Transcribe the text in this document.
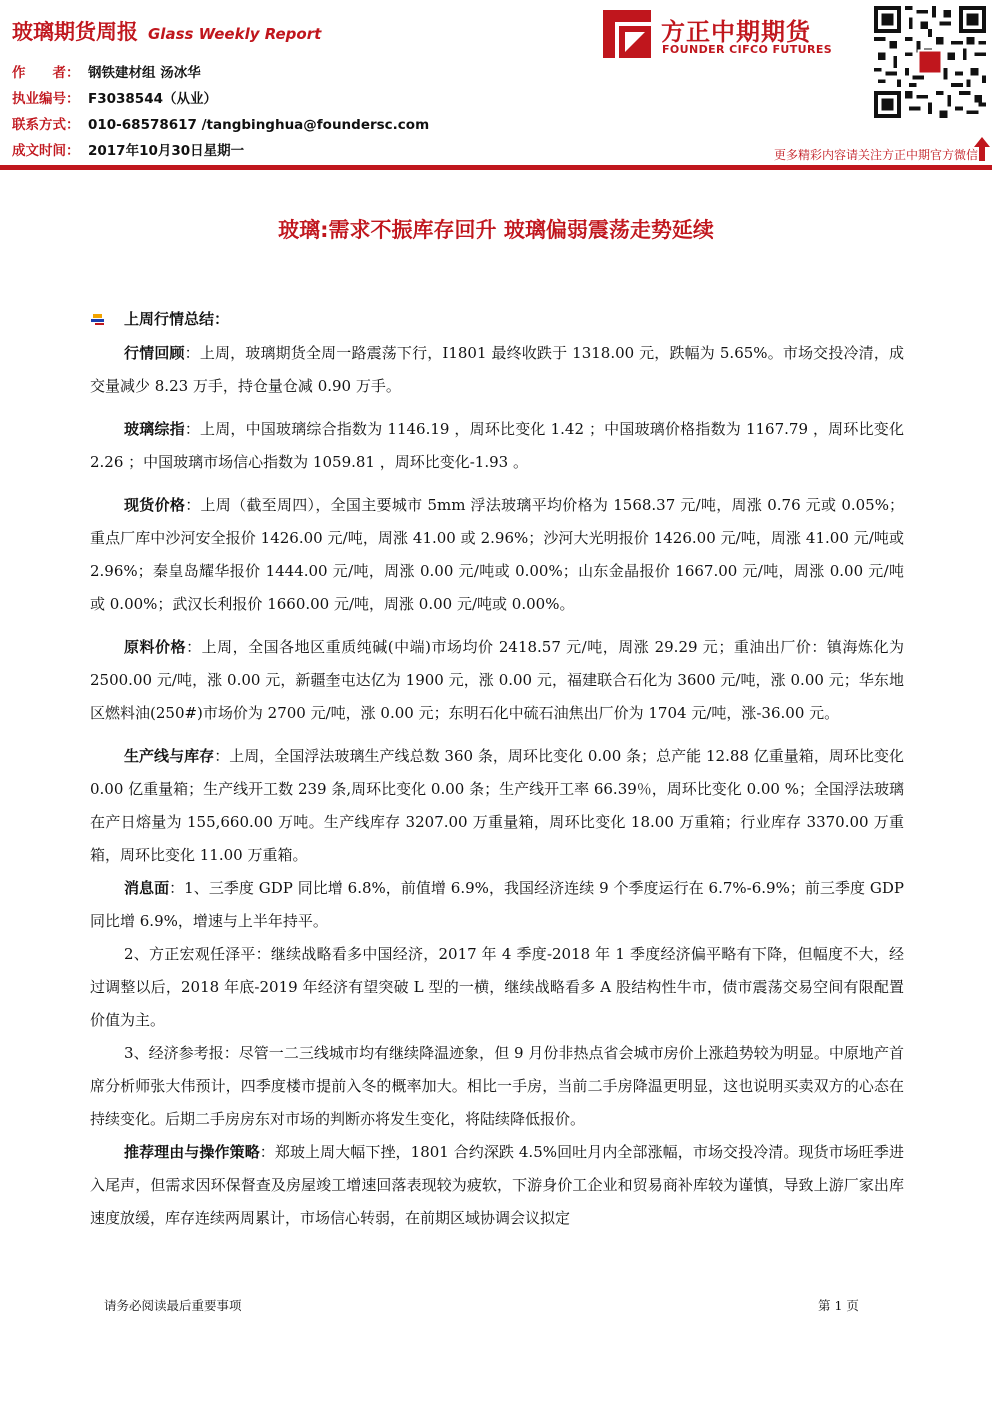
玻璃期货周报 Glass Weekly Report
作　　者： 钢铁建材组 汤冰华
执业编号： F3038544（从业）
联系方式： 010-68578617 /tangbinghua@foundersc.com
成文时间： 2017年10月30日星期一
方正中期期货
FOUNDER CIFCO FUTURES
更多精彩内容请关注方正中期官方微信
玻璃:需求不振库存回升 玻璃偏弱震荡走势延续
上周行情总结：

行情回顾：上周，玻璃期货全周一路震荡下行，I1801 最终收跌于 1318.00 元，跌幅为 5.65%。市场交投冷清，成交量减少 8.23 万手，持仓量仓减 0.90 万手。

玻璃综指：上周，中国玻璃综合指数为 1146.19 ，周环比变化 1.42 ；中国玻璃价格指数为 1167.79 ，周环比变化 2.26 ；中国玻璃市场信心指数为 1059.81 ，周环比变化-1.93 。

现货价格：上周（截至周四），全国主要城市 5mm 浮法玻璃平均价格为 1568.37 元/吨，周涨 0.76 元或 0.05%；重点厂库中沙河安全报价 1426.00 元/吨，周涨 41.00 或 2.96%；沙河大光明报价 1426.00 元/吨，周涨 41.00 元/吨或 2.96%；秦皇岛耀华报价 1444.00 元/吨，周涨 0.00 元/吨或 0.00%；山东金晶报价 1667.00 元/吨，周涨 0.00 元/吨或 0.00%；武汉长利报价 1660.00 元/吨，周涨 0.00 元/吨或 0.00%。

原料价格：上周，全国各地区重质纯碱(中端)市场均价 2418.57 元/吨，周涨 29.29 元；重油出厂价：镇海炼化为 2500.00 元/吨，涨 0.00 元，新疆奎屯达亿为 1900 元，涨 0.00 元，福建联合石化为 3600 元/吨，涨 0.00 元；华东地区燃料油(250#)市场价为 2700 元/吨，涨 0.00 元；东明石化中硫石油焦出厂价为 1704 元/吨，涨-36.00 元。

生产线与库存：上周，全国浮法玻璃生产线总数 360 条，周环比变化 0.00 条；总产能 12.88 亿重量箱，周环比变化 0.00 亿重量箱；生产线开工数 239 条,周环比变化 0.00 条；生产线开工率 66.39％，周环比变化 0.00 %；全国浮法玻璃在产日熔量为 155,660.00 万吨。生产线库存 3207.00 万重量箱，周环比变化 18.00 万重箱；行业库存 3370.00 万重箱，周环比变化 11.00 万重箱。

消息面：1、三季度 GDP 同比增 6.8%，前值增 6.9%，我国经济连续 9 个季度运行在 6.7%-6.9%；前三季度 GDP 同比增 6.9%，增速与上半年持平。

2、方正宏观任泽平：继续战略看多中国经济，2017 年 4 季度-2018 年 1 季度经济偏平略有下降，但幅度不大，经过调整以后，2018 年底-2019 年经济有望突破 L 型的一横，继续战略看多 A 股结构性牛市，债市震荡交易空间有限配置价值为主。

3、经济参考报：尽管一二三线城市均有继续降温迹象，但 9 月份非热点省会城市房价上涨趋势较为明显。中原地产首席分析师张大伟预计，四季度楼市提前入冬的概率加大。相比一手房，当前二手房降温更明显，这也说明买卖双方的心态在持续变化。后期二手房房东对市场的判断亦将发生变化，将陆续降低报价。

推荐理由与操作策略：郑玻上周大幅下挫，1801 合约深跌 4.5%回吐月内全部涨幅，市场交投冷清。现货市场旺季进入尾声，但需求因环保督查及房屋竣工增速回落表现较为疲软，下游身价工企业和贸易商补库较为谨慎，导致上游厂家出库速度放缓，库存连续两周累计，市场信心转弱，在前期区域协调会议拟定

请务必阅读最后重要事项	第 1 页
